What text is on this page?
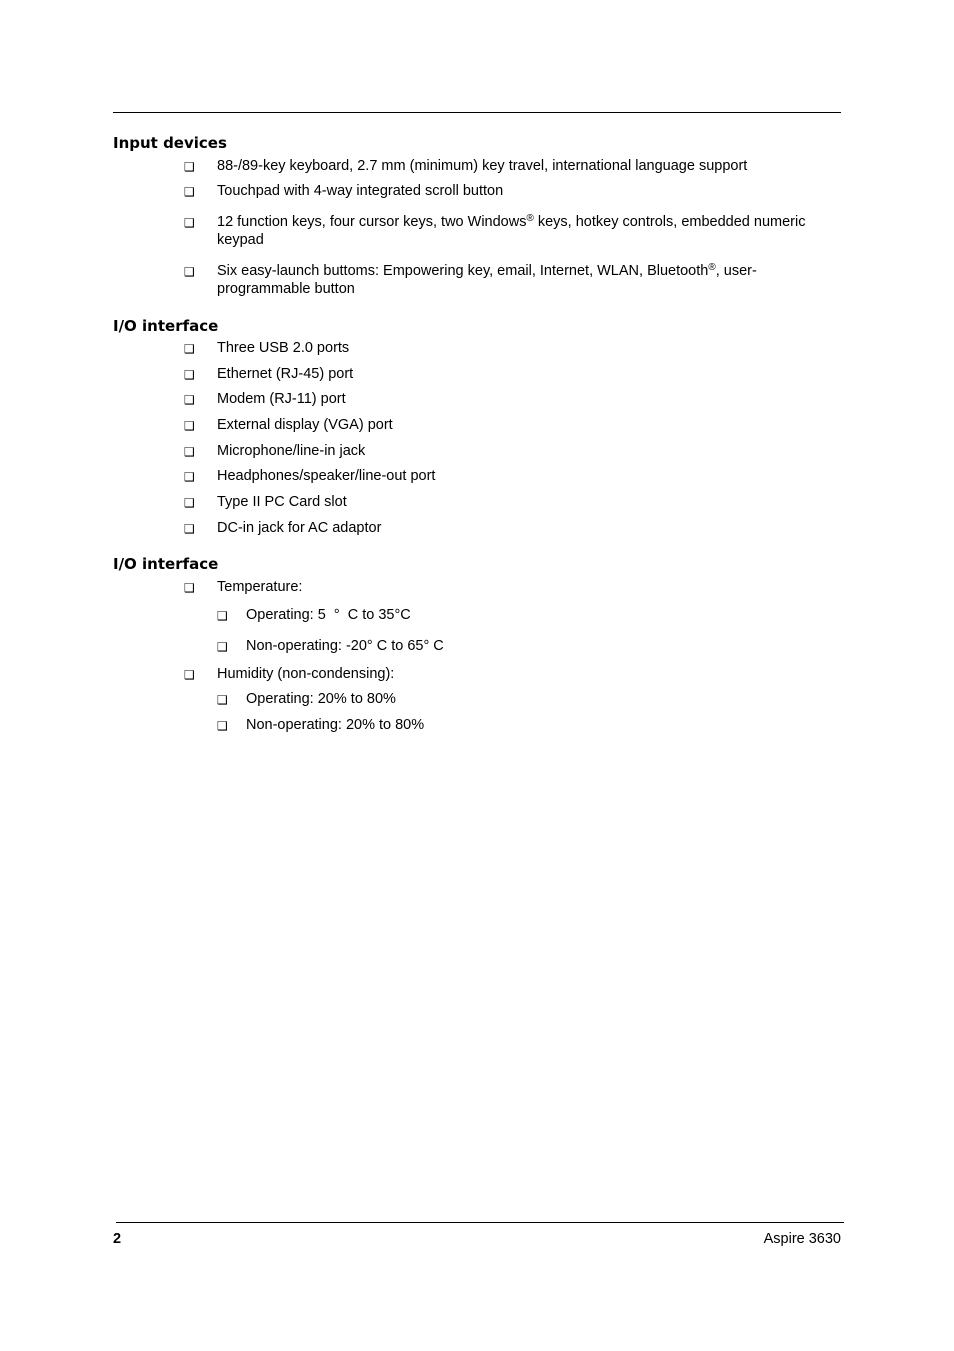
Input devices
❑ 88-/89-key keyboard, 2.7 mm (minimum) key travel, international language support
❑ Touchpad with 4-way integrated scroll button
❑ 12 function keys, four cursor keys, two Windows® keys, hotkey controls, embedded numeric
keypad
❑ Six easy-launch buttoms: Empowering key, email, Internet, WLAN, Bluetooth®, user-
programmable button
I/O interface
❑ Three USB 2.0 ports
❑ Ethernet (RJ-45) port
❑ Modem (RJ-11) port
❑ External display (VGA) port
❑ Microphone/line-in jack
❑ Headphones/speaker/line-out port
❑ Type II PC Card slot
❑ DC-in jack for AC adaptor
I/O interface
❑ Temperature:
❑ Operating: 5  °  C to 35°C
❑ Non-operating: -20° C to 65° C
❑ Humidity (non-condensing):
❑ Operating: 20% to 80%
❑ Non-operating: 20% to 80%
2	Aspire 3630
